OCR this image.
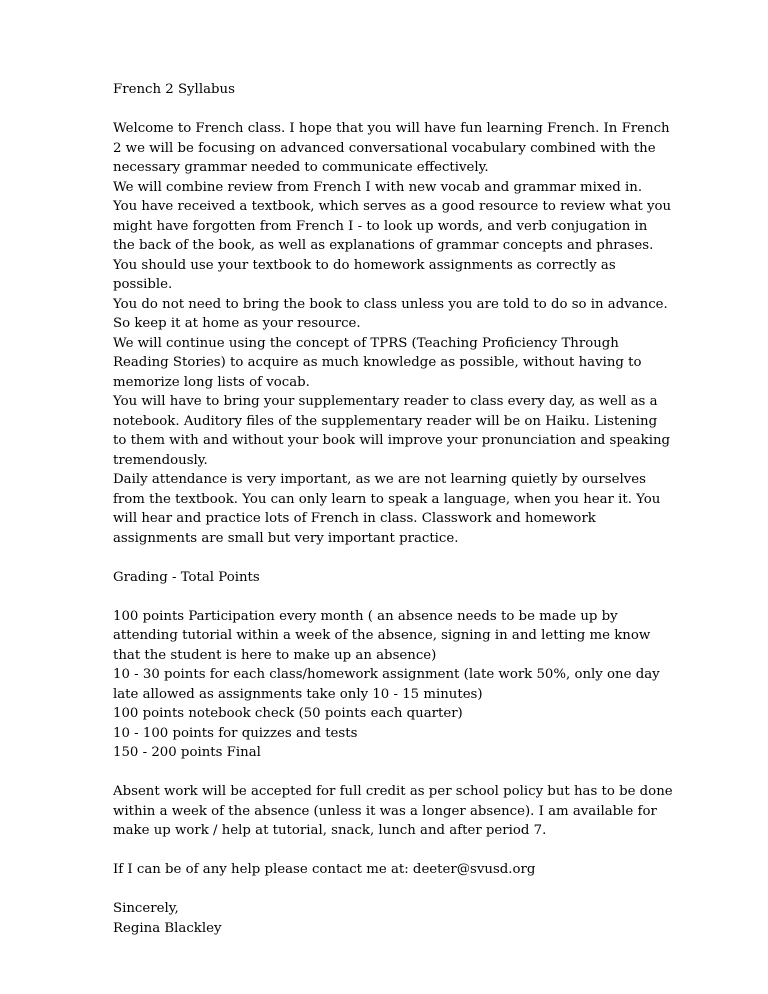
French 2 Syllabus

Welcome to French class. I hope that you will have fun learning French. In French 2 we will be focusing on advanced conversational vocabulary combined with the necessary grammar needed to communicate effectively.

We will combine review from French I with new vocab and grammar mixed in.

You have received a textbook, which serves as a good resource to review what you might have forgotten from French I - to look up words, and verb conjugation in the back of the book, as well as explanations of grammar concepts and phrases. You should use your textbook to do homework assignments as correctly as possible.

You do not need to bring the book to class unless you are told to do so in advance. So keep it at home as your resource.

We will continue using the concept of TPRS (Teaching Proficiency Through Reading Stories) to acquire as much knowledge as possible, without having to memorize long lists of vocab.

You will have to bring your supplementary reader to class every day, as well as a notebook. Auditory files of the supplementary reader will be on Haiku. Listening to them with and without your book will improve your pronunciation and speaking tremendously.

Daily attendance is very important, as we are not learning quietly by ourselves from the textbook. You can only learn to speak a language, when you hear it. You will hear and practice lots of French in class. Classwork and homework assignments are small but very important practice.

Grading - Total Points

100 points Participation every month ( an absence needs to be made up by attending tutorial within a week of the absence, signing in and letting me know that the student is here to make up an absence)

10 - 30 points for each class/homework assignment (late work 50%, only one day late allowed as assignments take only 10 - 15 minutes)

100 points notebook check (50 points each quarter)

10 - 100 points for quizzes and tests

150 - 200 points Final

Absent work will be accepted for full credit as per school policy but has to be done within a week of the absence (unless it was a longer absence). I am available for make up work / help at tutorial, snack, lunch and after period 7.

If I can be of any help please contact me at: deeter@svusd.org

Sincerely,

Regina Blackley
